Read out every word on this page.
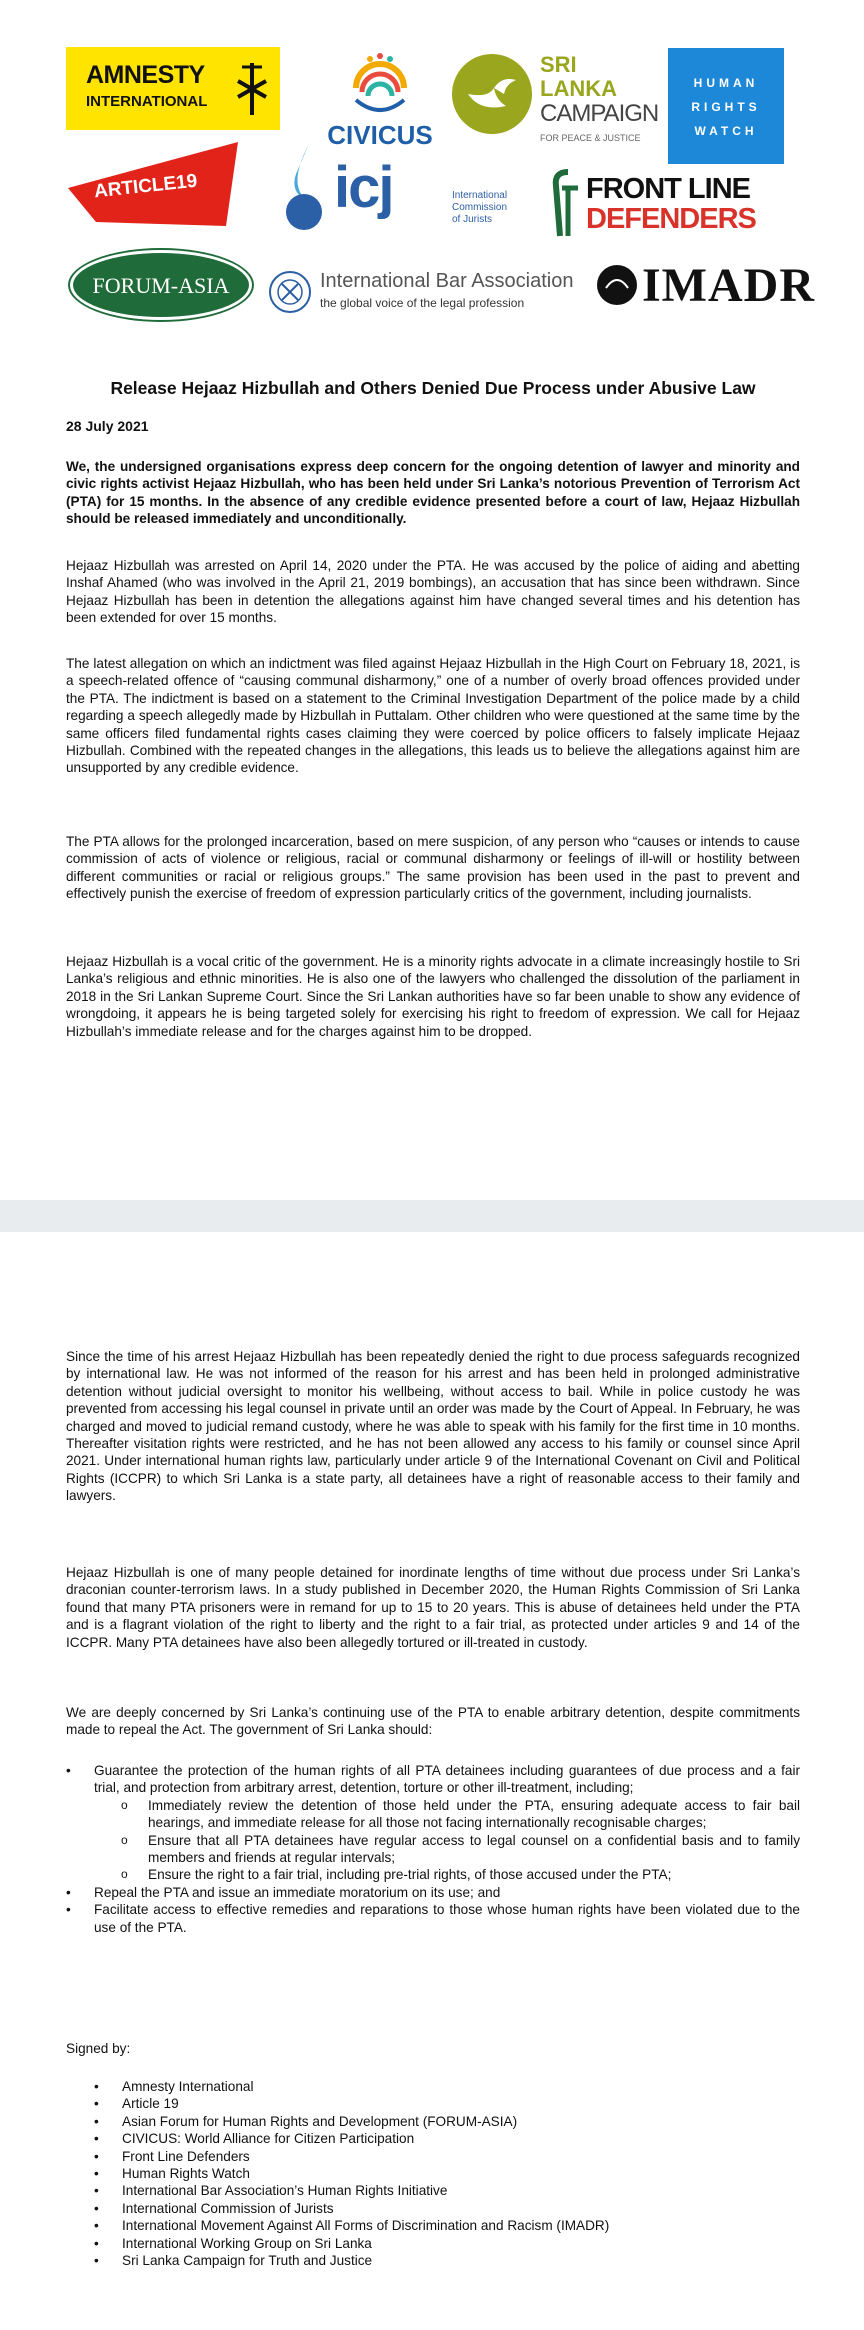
AMNESTY
INTERNATIONAL
CIVICUS
SRI
LANKA
CAMPAIGN
FOR PEACE & JUSTICE
HUMAN
RIGHTS
WATCH
ARTICLE19 icj	International
Commission
of Jurists
FRONT LINE
DEFENDERS
FORUM-ASIA	International Bar Association
the global voice of the legal profession IMADR
Release Hejaaz Hizbullah and Others Denied Due Process under Abusive Law
28 July 2021

We, the undersigned organisations express deep concern for the ongoing detention of lawyer and minority and civic rights activist Hejaaz Hizbullah, who has been held under Sri Lanka’s notorious Prevention of Terrorism Act (PTA) for 15 months. In the absence of any credible evidence presented before a court of law, Hejaaz Hizbullah should be released immediately and unconditionally.

Hejaaz Hizbullah was arrested on April 14, 2020 under the PTA. He was accused by the police of aiding and abetting Inshaf Ahamed (who was involved in the April 21, 2019 bombings), an accusation that has since been withdrawn. Since Hejaaz Hizbullah has been in detention the allegations against him have changed several times and his detention has been extended for over 15 months.

The latest allegation on which an indictment was filed against Hejaaz Hizbullah in the High Court on February 18, 2021, is a speech-related offence of “causing communal disharmony,” one of a number of overly broad offences provided under the PTA. The indictment is based on a statement to the Criminal Investigation Department of the police made by a child regarding a speech allegedly made by Hizbullah in Puttalam. Other children who were questioned at the same time by the same officers filed fundamental rights cases claiming they were coerced by police officers to falsely implicate Hejaaz Hizbullah. Combined with the repeated changes in the allegations, this leads us to believe the allegations against him are unsupported by any credible evidence.

The PTA allows for the prolonged incarceration, based on mere suspicion, of any person who “causes or intends to cause commission of acts of violence or religious, racial or communal disharmony or feelings of ill-will or hostility between different communities or racial or religious groups.” The same provision has been used in the past to prevent and effectively punish the exercise of freedom of expression particularly critics of the government, including journalists.

Hejaaz Hizbullah is a vocal critic of the government. He is a minority rights advocate in a climate increasingly hostile to Sri Lanka’s religious and ethnic minorities. He is also one of the lawyers who challenged the dissolution of the parliament in 2018 in the Sri Lankan Supreme Court. Since the Sri Lankan authorities have so far been unable to show any evidence of wrongdoing, it appears he is being targeted solely for exercising his right to freedom of expression. We call for Hejaaz Hizbullah’s immediate release and for the charges against him to be dropped.

Since the time of his arrest Hejaaz Hizbullah has been repeatedly denied the right to due process safeguards recognized by international law. He was not informed of the reason for his arrest and has been held in prolonged administrative detention without judicial oversight to monitor his wellbeing, without access to bail. While in police custody he was prevented from accessing his legal counsel in private until an order was made by the Court of Appeal. In February, he was charged and moved to judicial remand custody, where he was able to speak with his family for the first time in 10 months. Thereafter visitation rights were restricted, and he has not been allowed any access to his family or counsel since April 2021. Under international human rights law, particularly under article 9 of the International Covenant on Civil and Political Rights (ICCPR) to which Sri Lanka is a state party, all detainees have a right of reasonable access to their family and lawyers.

Hejaaz Hizbullah is one of many people detained for inordinate lengths of time without due process under Sri Lanka’s draconian counter-terrorism laws. In a study published in December 2020, the Human Rights Commission of Sri Lanka found that many PTA prisoners were in remand for up to 15 to 20 years. This is abuse of detainees held under the PTA and is a flagrant violation of the right to liberty and the right to a fair trial, as protected under articles 9 and 14 of the ICCPR. Many PTA detainees have also been allegedly tortured or ill-treated in custody.

We are deeply concerned by Sri Lanka’s continuing use of the PTA to enable arbitrary detention, despite commitments made to repeal the Act. The government of Sri Lanka should:

• Guarantee the protection of the human rights of all PTA detainees including guarantees of due process and a fair trial, and protection from arbitrary arrest, detention, torture or other ill-treatment, including;
o Immediately review the detention of those held under the PTA, ensuring adequate access to fair bail hearings, and immediate release for all those not facing internationally recognisable charges;
o Ensure that all PTA detainees have regular access to legal counsel on a confidential basis and to family members and friends at regular intervals;
o Ensure the right to a fair trial, including pre-trial rights, of those accused under the PTA;
• Repeal the PTA and issue an immediate moratorium on its use; and
• Facilitate access to effective remedies and reparations to those whose human rights have been violated due to the use of the PTA.

Signed by:

• Amnesty International
• Article 19
• Asian Forum for Human Rights and Development (FORUM-ASIA)
• CIVICUS: World Alliance for Citizen Participation
• Front Line Defenders
• Human Rights Watch
• International Bar Association’s Human Rights Initiative
• International Commission of Jurists
• International Movement Against All Forms of Discrimination and Racism (IMADR)
• International Working Group on Sri Lanka
• Sri Lanka Campaign for Truth and Justice
